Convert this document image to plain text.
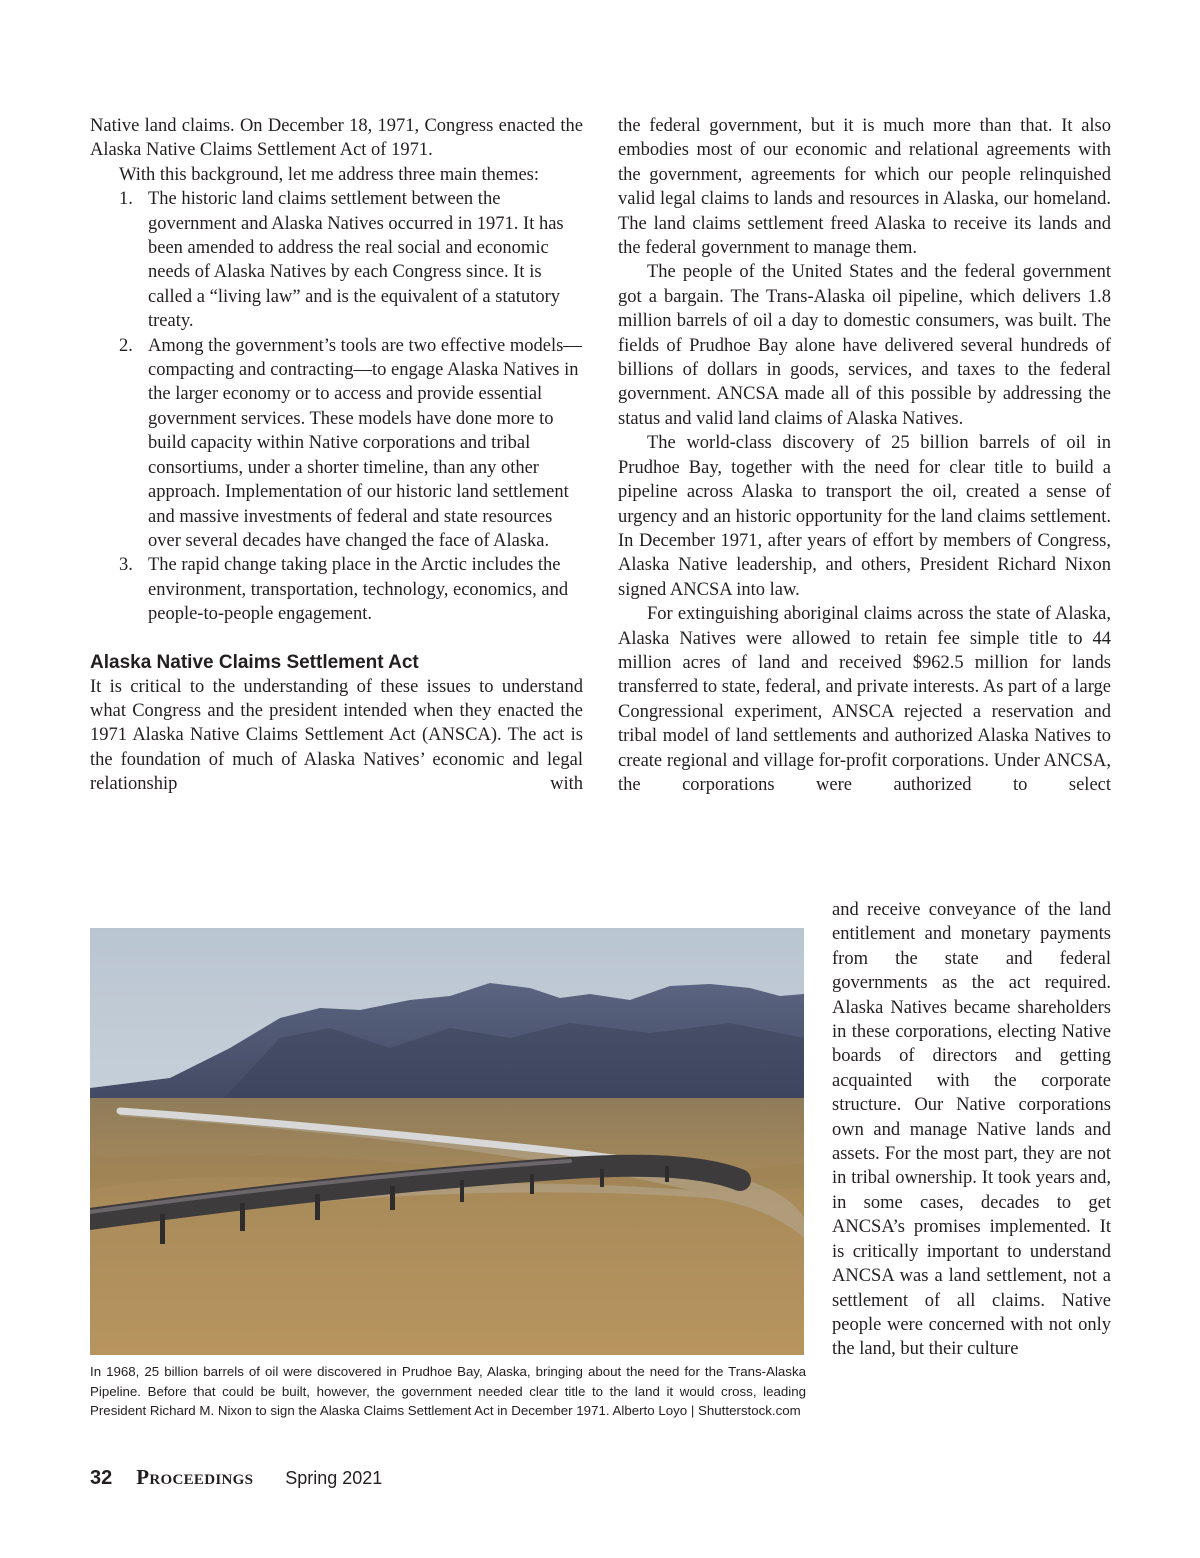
Native land claims. On December 18, 1971, Congress enacted the Alaska Native Claims Settlement Act of 1971.

With this background, let me address three main themes:

1. The historic land claims settlement between the government and Alaska Natives occurred in 1971. It has been amended to address the real social and economic needs of Alaska Natives by each Congress since. It is called a “living law” and is the equivalent of a statutory treaty.
2. Among the government’s tools are two effective models—compacting and contracting—to engage Alaska Natives in the larger economy or to access and provide essential government services. These models have done more to build capacity within Native corporations and tribal consortiums, under a shorter timeline, than any other approach. Implementation of our historic land settlement and massive investments of federal and state resources over several decades have changed the face of Alaska.
3. The rapid change taking place in the Arctic includes the environment, transportation, technology, economics, and people-to-people engagement.
Alaska Native Claims Settlement Act

It is critical to the understanding of these issues to understand what Congress and the president intended when they enacted the 1971 Alaska Native Claims Settlement Act (ANSCA). The act is the foundation of much of Alaska Natives’ economic and legal relationship with

the federal government, but it is much more than that. It also embodies most of our economic and relational agreements with the government, agreements for which our people relinquished valid legal claims to lands and resources in Alaska, our homeland. The land claims settlement freed Alaska to receive its lands and the federal government to manage them.

The people of the United States and the federal government got a bargain. The Trans-Alaska oil pipeline, which delivers 1.8 million barrels of oil a day to domestic consumers, was built. The fields of Prudhoe Bay alone have delivered several hundreds of billions of dollars in goods, services, and taxes to the federal government. ANCSA made all of this possible by addressing the status and valid land claims of Alaska Natives.

The world-class discovery of 25 billion barrels of oil in Prudhoe Bay, together with the need for clear title to build a pipeline across Alaska to transport the oil, created a sense of urgency and an historic opportunity for the land claims settlement. In December 1971, after years of effort by members of Congress, Alaska Native leadership, and others, President Richard Nixon signed ANCSA into law.

For extinguishing aboriginal claims across the state of Alaska, Alaska Natives were allowed to retain fee simple title to 44 million acres of land and received $962.5 million for lands transferred to state, federal, and private interests. As part of a large Congressional experiment, ANSCA rejected a reservation and tribal model of land settlements and authorized Alaska Natives to create regional and village for-profit corporations. Under ANCSA, the corporations were authorized to select

and receive conveyance of the land entitlement and monetary payments from the state and federal governments as the act required. Alaska Natives became shareholders in these corporations, electing Native boards of directors and getting acquainted with the corporate structure. Our Native corporations own and manage Native lands and assets. For the most part, they are not in tribal ownership. It took years and, in some cases, decades to get ANCSA’s promises implemented. It is critically important to understand ANCSA was a land settlement, not a settlement of all claims. Native people were concerned with not only the land, but their culture

In 1968, 25 billion barrels of oil were discovered in Prudhoe Bay, Alaska, bringing about the need for the Trans-Alaska Pipeline. Before that could be built, however, the government needed clear title to the land it would cross, leading President Richard M. Nixon to sign the Alaska Claims Settlement Act in December 1971. Alberto Loyo | Shutterstock.com
32 Proceedings Spring 2021
